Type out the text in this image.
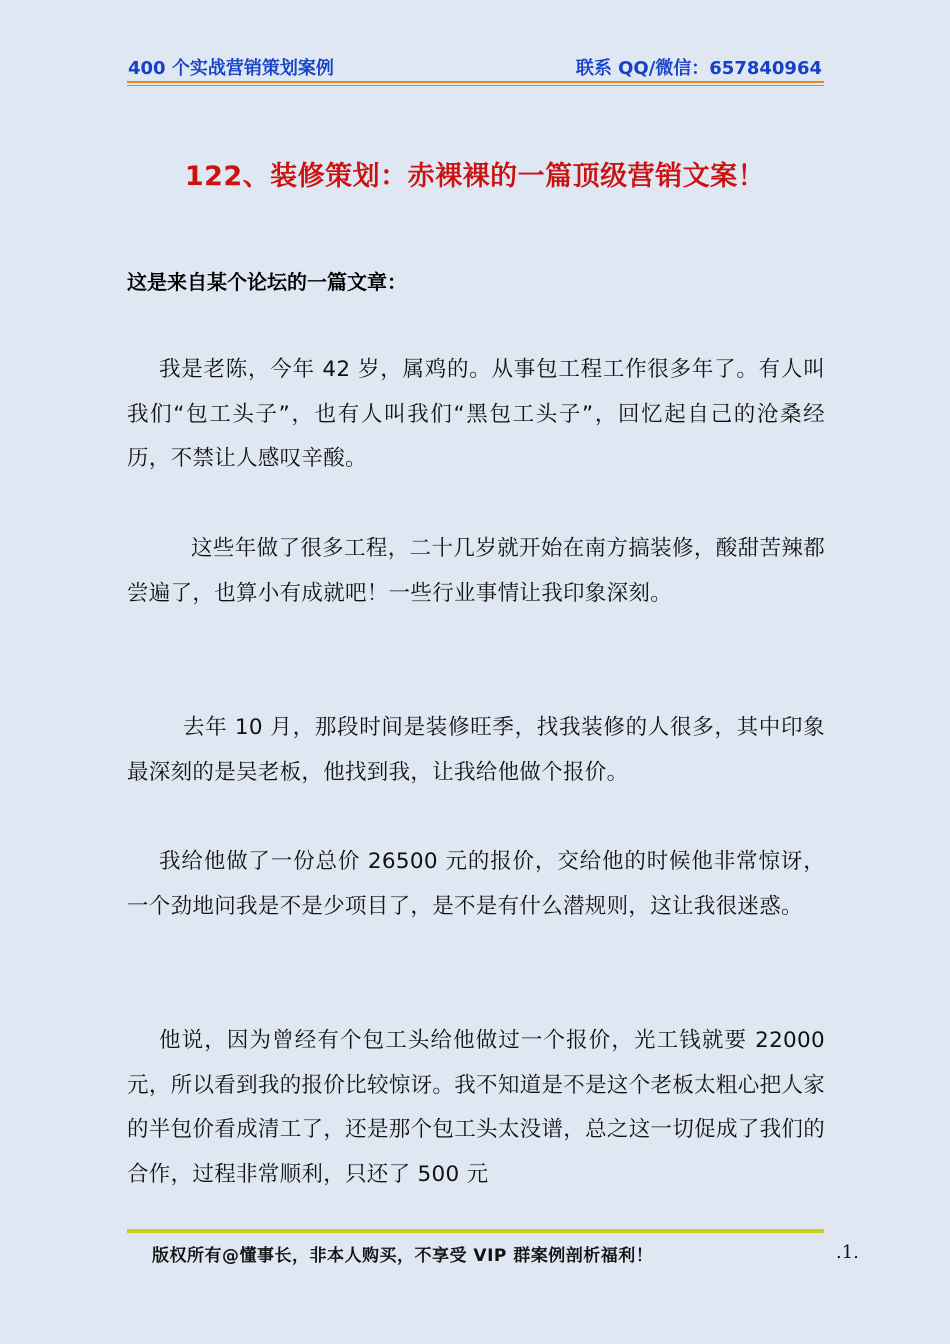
400 个实战营销策划案例	联系 QQ/微信：657840964
122、装修策划：赤裸裸的一篇顶级营销文案！
这是来自某个论坛的一篇文章：
我是老陈，今年 42 岁，属鸡的。从事包工程工作很多年了。有人叫我们“包工头子”，也有人叫我们“黑包工头子”，回忆起自己的沧桑经历，不禁让人感叹辛酸。
这些年做了很多工程，二十几岁就开始在南方搞装修，酸甜苦辣都尝遍了，也算小有成就吧！一些行业事情让我印象深刻。
去年 10 月，那段时间是装修旺季，找我装修的人很多，其中印象最深刻的是吴老板，他找到我，让我给他做个报价。
我给他做了一份总价 26500 元的报价，交给他的时候他非常惊讶，一个劲地问我是不是少项目了，是不是有什么潜规则，这让我很迷惑。
他说，因为曾经有个包工头给他做过一个报价，光工钱就要 22000 元，所以看到我的报价比较惊讶。我不知道是不是这个老板太粗心把人家的半包价看成清工了，还是那个包工头太没谱，总之这一切促成了我们的合作，过程非常顺利，只还了 500 元
版权所有@懂事长，非本人购买，不享受 VIP 群案例剖析福利！	.1.
